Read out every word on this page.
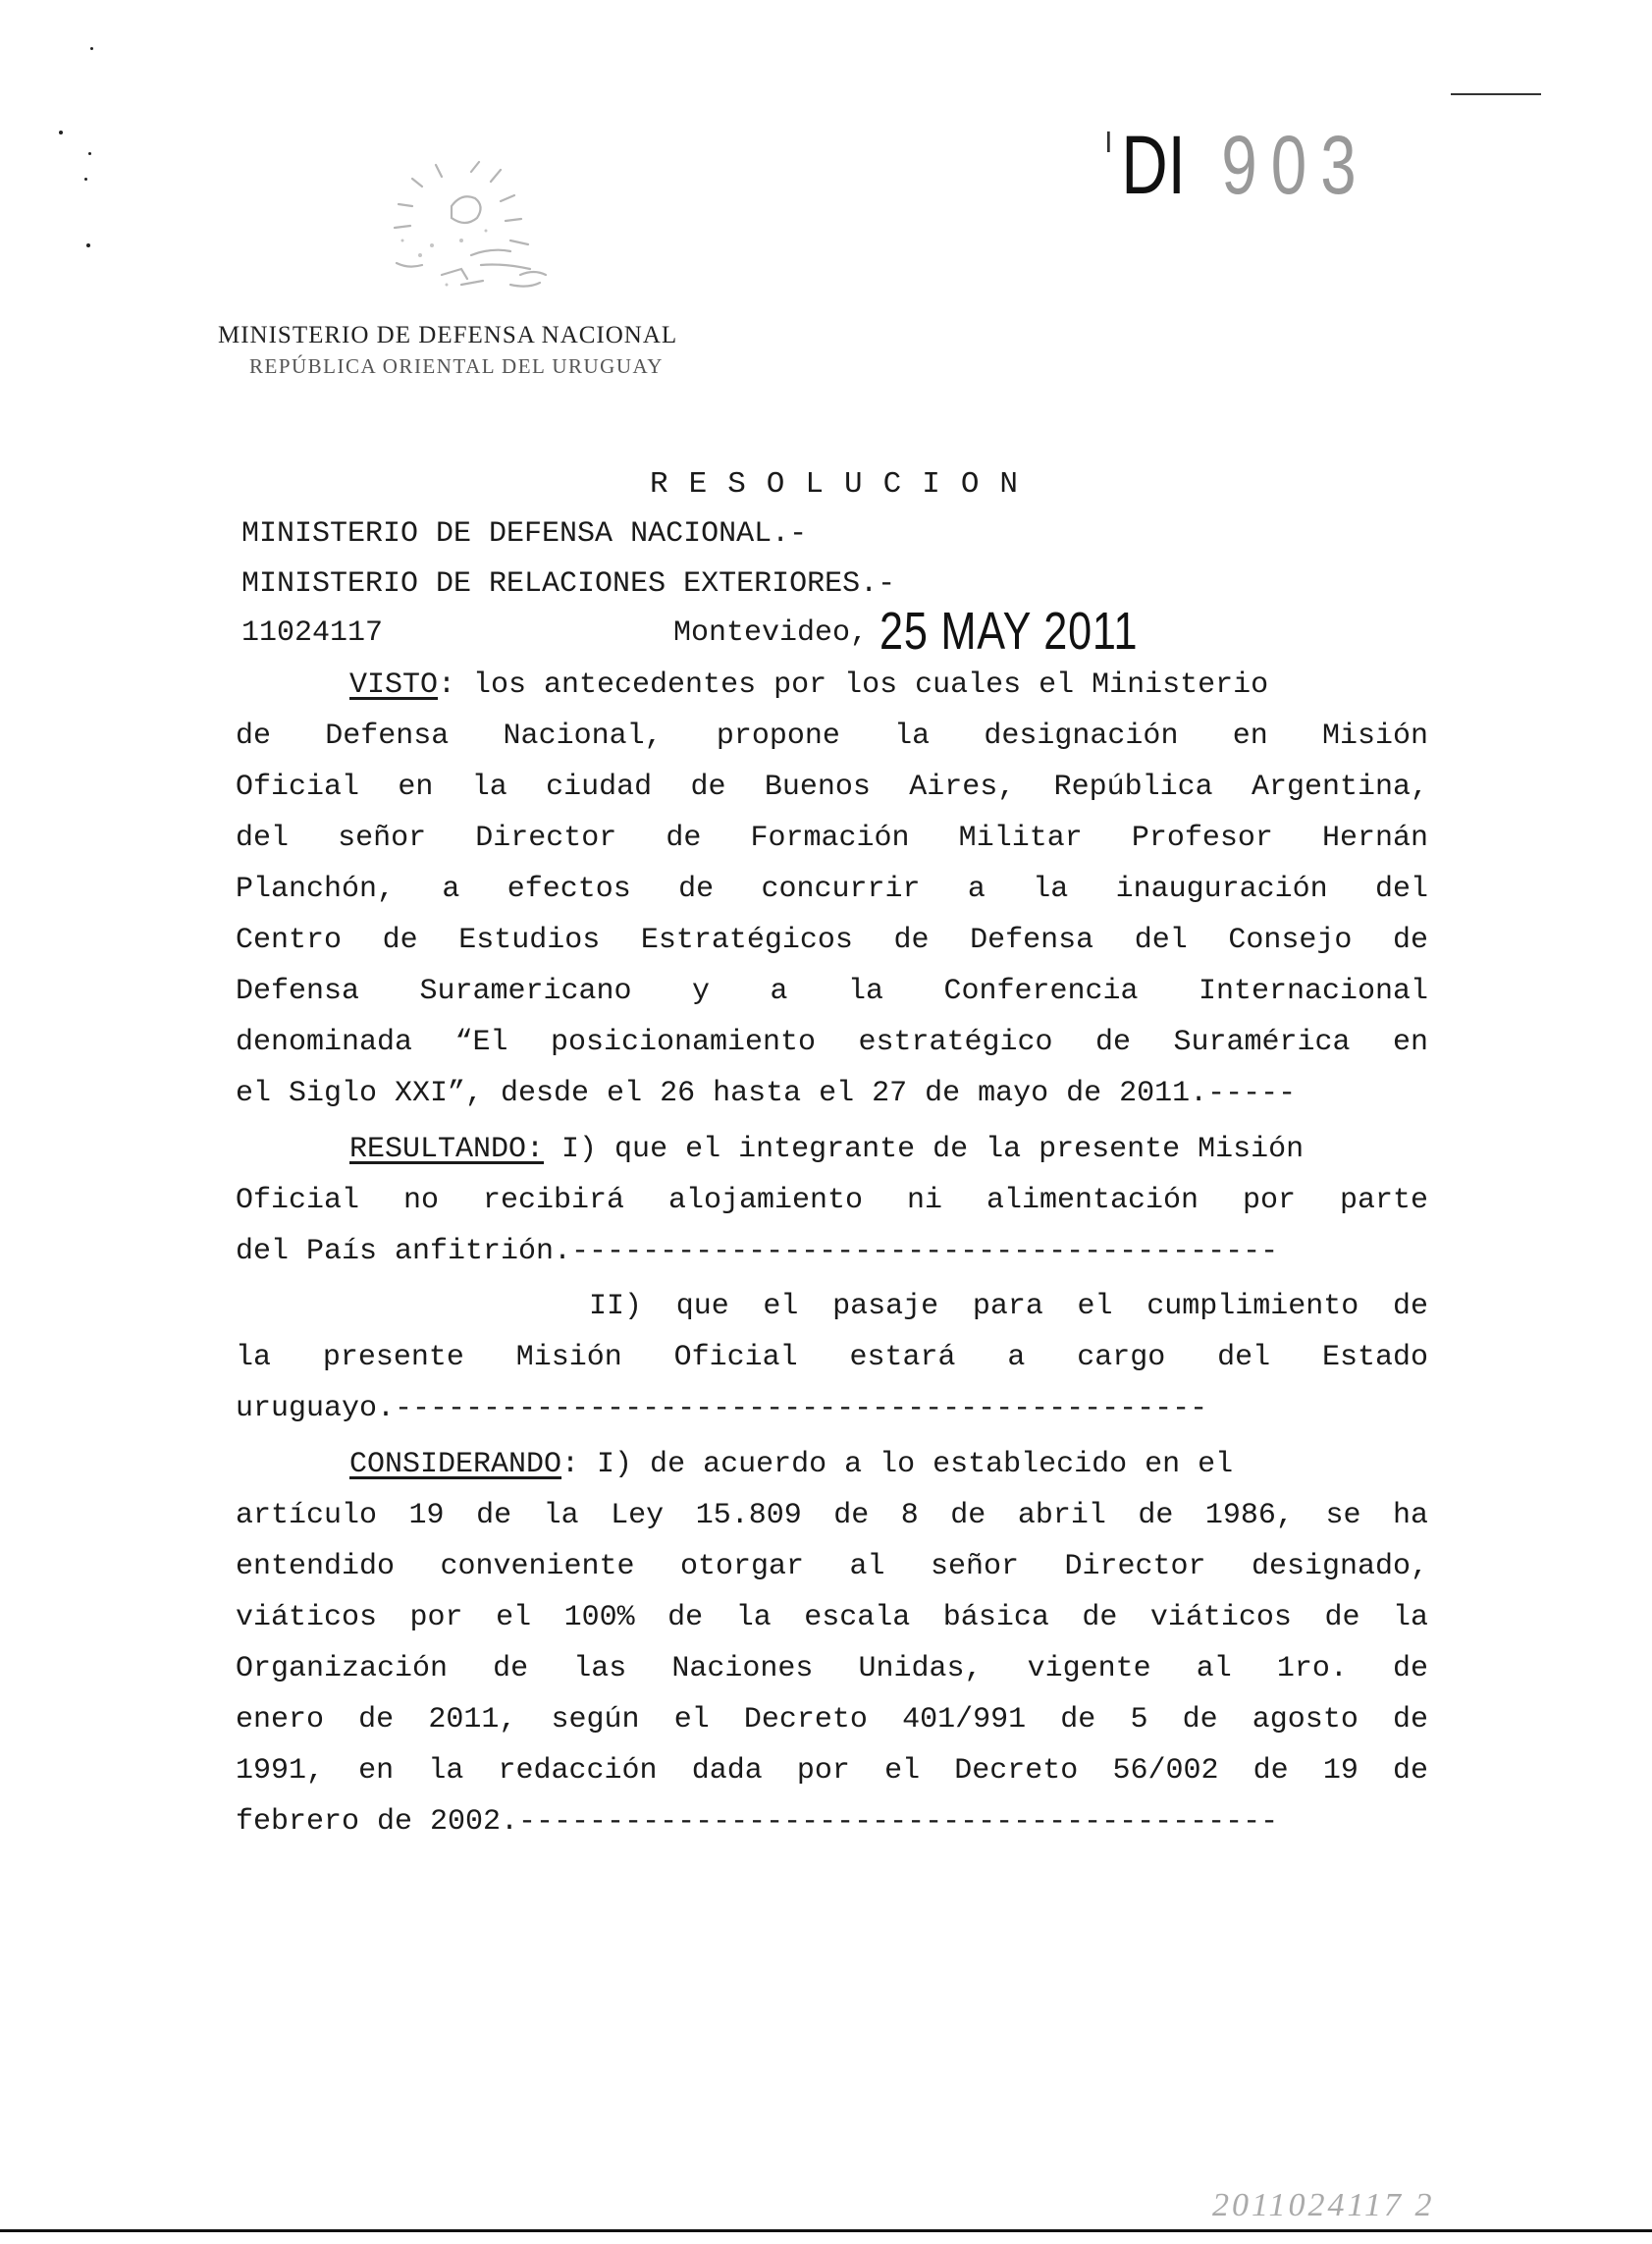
MINISTERIO DE DEFENSA NACIONAL
REPÚBLICA ORIENTAL DEL URUGUAY
$^ı$ DI 903
RESOLUCION
MINISTERIO DE DEFENSA NACIONAL.-
MINISTERIO DE RELACIONES EXTERIORES.-
11024117	Montevideo, 25 MAY 2011
VISTO: los antecedentes por los cuales el Ministerio
de Defensa Nacional, propone la designación en Misión
Oficial en la ciudad de Buenos Aires, República Argentina,
del señor Director de Formación Militar Profesor Hernán
Planchón, a efectos de concurrir a la inauguración del
Centro de Estudios Estratégicos de Defensa del Consejo de
Defensa Suramericano y a la Conferencia Internacional
denominada “El posicionamiento estratégico de Suramérica en
el Siglo XXI”, desde el 26 hasta el 27 de mayo de 2011.-----
RESULTANDO: I) que el integrante de la presente Misión
Oficial no recibirá alojamiento ni alimentación por parte
del País anfitrión.----------------------------------------
II) que el pasaje para el cumplimiento de
la presente Misión Oficial estará a cargo del Estado
uruguayo.----------------------------------------------
CONSIDERANDO: I) de acuerdo a lo establecido en el
artículo 19 de la Ley 15.809 de 8 de abril de 1986, se ha
entendido conveniente otorgar al señor Director designado,
viáticos por el 100% de la escala básica de viáticos de la
Organización de las Naciones Unidas, vigente al 1ro. de
enero de 2011, según el Decreto 401/991 de 5 de agosto de
1991, en la redacción dada por el Decreto 56/002 de 19 de
febrero de 2002.-------------------------------------------
2011024117 2
